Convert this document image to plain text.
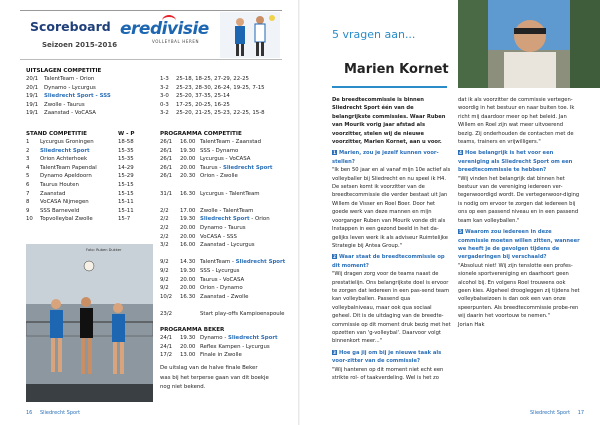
Scoreboard
Seizoen 2015-2016
eredivisie
VOLLEYBAL HEREN
UITSLAGEN COMPETITIE
20/1 TalentTeam - Orion	1-3 25-18, 18-25, 27-29, 22-25
20/1 Dynamo - Lycurgus	3-2 25-23, 28-30, 26-24, 19-25, 7-15
19/1 Sliedrecht Sport - SSS	3-0 25-20, 37-35, 25-14
19/1 Zwolle - Taurus	0-3 17-25, 20-25, 16-25
19/1 Zaanstad - VoCASA	3-2 25-20, 21-25, 25-23, 22-25, 15-8
STAND COMPETITIE	W - P
1 Lycurgus Groningen	18-58
2 Sliedrecht Sport	15-35
3 Orion Achterhoek	15-35
4 TalentTeam Papendal	14-29
5 Dynamo Apeldoorn	15-29
6 Taurus Houten	15-15
7 Zaanstad	15-15
8 VoCASA Nijmegen	15-11
9 SSS Barneveld	15-11
10 Topvolleybal Zwolle	15-7
PROGRAMMA COMPETITIE
26/1 16.00 TalentTeam - Zaanstad
26/1 19.30 SSS - Dynamo
26/1 20.00 Lycurgus - VoCASA
26/1 20.00 Taurus - Sliedrecht Sport
26/1 20.30 Orion - Zwolle
31/1 16.30 Lycurgus - TalentTeam
2/2 17.00 Zwolle - TalentTeam
2/2 19.30 Sliedrecht Sport - Orion
2/2 20.00 Dynamo - Taurus
2/2 20.00 VoCASA - SSS
3/2 16.00 Zaanstad - Lycurgus
9/2 14.30 TalentTeam - Sliedrecht Sport
9/2 19.30 SSS - Lycurgus
9/2 20.00 Taurus - VoCASA
9/2 20.00 Orion - Dynamo
10/2 16.30 Zaanstad - Zwolle
23/2	Start play-offs Kampioenspoule
PROGRAMMA BEKER
24/1 19.30 Dynamo - Sliedrecht Sport
24/1 20.00 Reflex Kampen - Lycurgus
17/2 13.00 Finale in Zwolle
De uitslag van de halve finale Beker
was bij het terperse gaan van dit boekje
nog niet bekend.
Foto: Ruben Dukker
16 Sliedrecht Sport
5 vragen aan...
Marien Kornet

De breedtecommissie is binnen Sliedrecht Sport één van de belangrijkste commissies. Waar Ruben van Mourik vorig jaar afstad als voorzitter, stelen wij de nieuwe voorzitter, Marien Kornet, aan u voor.

1 Marien, zou je jezelf kunnen voor-stellen?

"Ik ben 50 jaar en al vanaf mijn 10e actief als volleyballer bij Sliedrecht en nu speel ik H4. De setsen komt ik voorzitter van de breedtecommissie die verder bestaat uit Jan Willem de Visser en Roel Boer. Door het goede werk van deze mannen en mijn voorganger Ruben van Mourik vonde dit als Instappen in een gezond beeld in het da-gelijks leven werk ik als adviseur Ruimtelijke Strategie bij Antea Group."

2 Waar staat de breedtecommissie op dit moment?

"Wij dragen zorg voor de teams naast de prestatielijn. Ons belangrijkste doel is ervoor te zorgen dat iedereen in een pas-send team kan volleyballen. Passend qua volleybalniveau, maar ook qua sociaal geheel. Dit is de uitdaging van de breedte-commissie op dit moment druk bezig met het opzetten van 'g-volleybal'. Daarvoor volgt binnenkort meer..."

3 Hoe ga jij om bij je nieuwe taak als voor-zitter van de commissie?

"Wij hanteren op dit moment niet echt een strikte rol- of taakverdeling. Wel is het zo

dat ik als voorzitter de commissie vertegen-woordig in het bestuur en naar buiten toe. Ik richt mij daardoor meer op het beleid. Jan Willem en Roel zijn wat meer uitvoerend bezig. Zij onderhouden de contacten met de teams, trainers en vrijwilligers."

4 Hoe belangrijk is het voor een vereniging als Sliedrecht Sport om een breedtecommissie te hebben?

"Wij vinden het belangrijk dat binnen het bestuur van de vereniging iedereen ver-tegenwoordigd wordt. De vertegenwoor-diging is nodig om ervoor te zorgen dat iedereen bij ons op een passend niveau en in een passend team kan volleyballen."

5 Waarom zou iedereen in deze commissie moeten willen zitten, wanneer we heeft je de gevolgen tijdens de vergaderingen bij verschaald?

"Absoluut niet! Wij zijn tenslotte een profes-sionele sportvereniging en daarhoort geen alcohol bij. En volgens Roel trouwens ook geen kies. Algeheel droogleggen zij tijdens het volleybalseizoen is dan ook een van onze speerpunten. Als breedtecommissie probe-ren wij daarin het voortouw te nemen."

Jorian Hak

Sliedrecht Sport 17
